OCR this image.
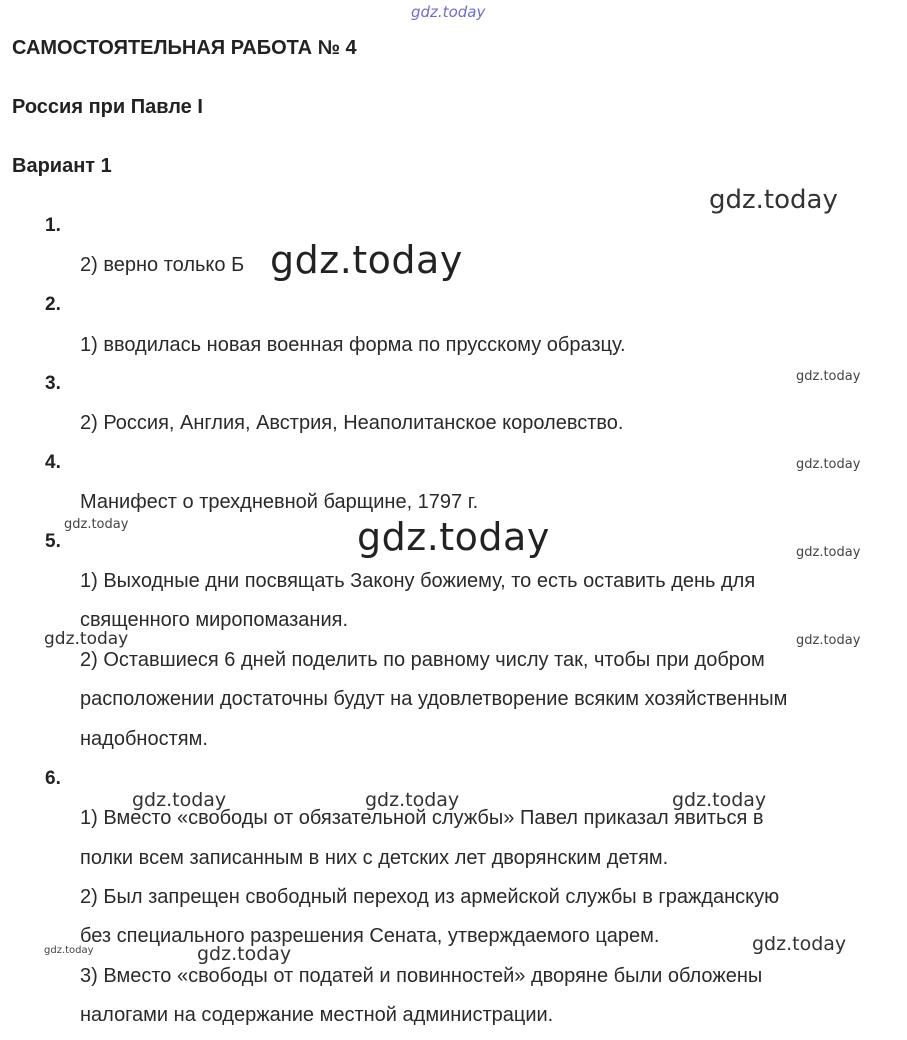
САМОСТОЯТЕЛЬНАЯ РАБОТА № 4
Россия при Павле I
Вариант 1
1.
2) верно только Б
2.
1) вводилась новая военная форма по прусскому образцу.
3.
2) Россия, Англия, Австрия, Неаполитанское королевство.
4.
Манифест о трехдневной барщине, 1797 г.
5.
1) Выходные дни посвящать Закону божиему, то есть оставить день для
священного миропомазания.
2) Оставшиеся 6 дней поделить по равному числу так, чтобы при добром
расположении достаточны будут на удовлетворение всяким хозяйственным
надобностям.
6.
1) Вместо «свободы от обязательной службы» Павел приказал явиться в
полки всем записанным в них с детских лет дворянским детям.
2) Был запрещен свободный переход из армейской службы в гражданскую
без специального разрешения Сената, утверждаемого царем.
3) Вместо «свободы от податей и повинностей» дворяне были обложены
налогами на содержание местной администрации.
gdz.today
gdz.today
gdz.today
gdz.today
gdz.today
gdz.today	gdz.today	gdz.today
gdz.today	gdz.today
gdz.today	gdz.today	gdz.today
gdz.today
gdz.today	gdz.today
